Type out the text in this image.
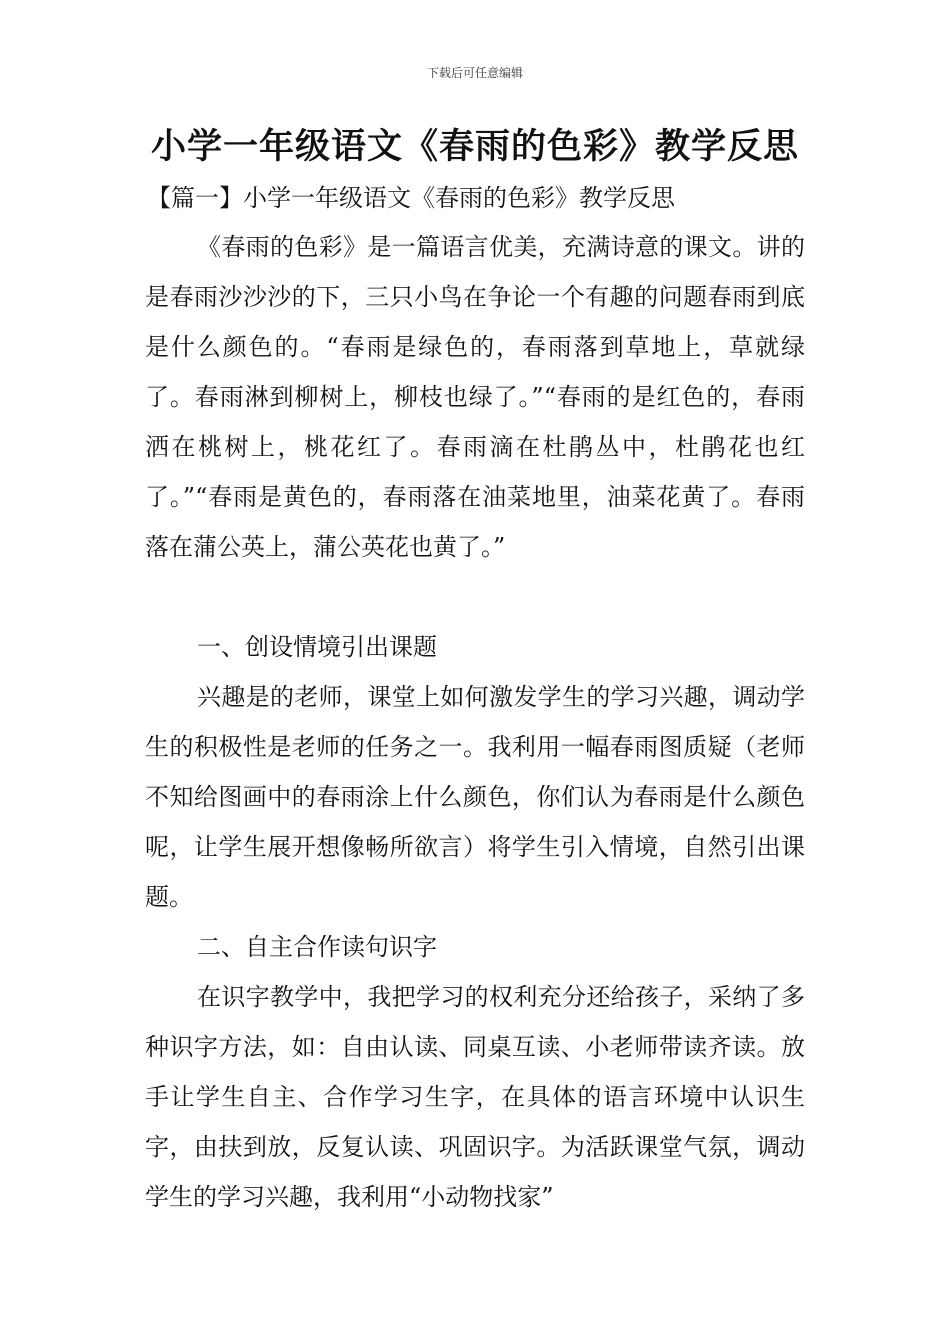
下载后可任意编辑
小学一年级语文《春雨的色彩》教学反思
【篇一】小学一年级语文《春雨的色彩》教学反思
《春雨的色彩》是一篇语言优美，充满诗意的课文。讲的是春雨沙沙沙的下，三只小鸟在争论一个有趣的问题春雨到底是什么颜色的。“春雨是绿色的，春雨落到草地上，草就绿了。春雨淋到柳树上，柳枝也绿了。”“春雨的是红色的，春雨洒在桃树上，桃花红了。春雨滴在杜鹃丛中，杜鹃花也红了。”“春雨是黄色的，春雨落在油菜地里，油菜花黄了。春雨落在蒲公英上，蒲公英花也黄了。”
一、创设情境引出课题
兴趣是的老师，课堂上如何激发学生的学习兴趣，调动学生的积极性是老师的任务之一。我利用一幅春雨图质疑（老师不知给图画中的春雨涂上什么颜色，你们认为春雨是什么颜色呢，让学生展开想像畅所欲言）将学生引入情境，自然引出课题。
二、自主合作读句识字
在识字教学中，我把学习的权利充分还给孩子，采纳了多种识字方法，如：自由认读、同桌互读、小老师带读齐读。放手让学生自主、合作学习生字，在具体的语言环境中认识生字，由扶到放，反复认读、巩固识字。为活跃课堂气氛，调动学生的学习兴趣，我利用“小动物找家”
